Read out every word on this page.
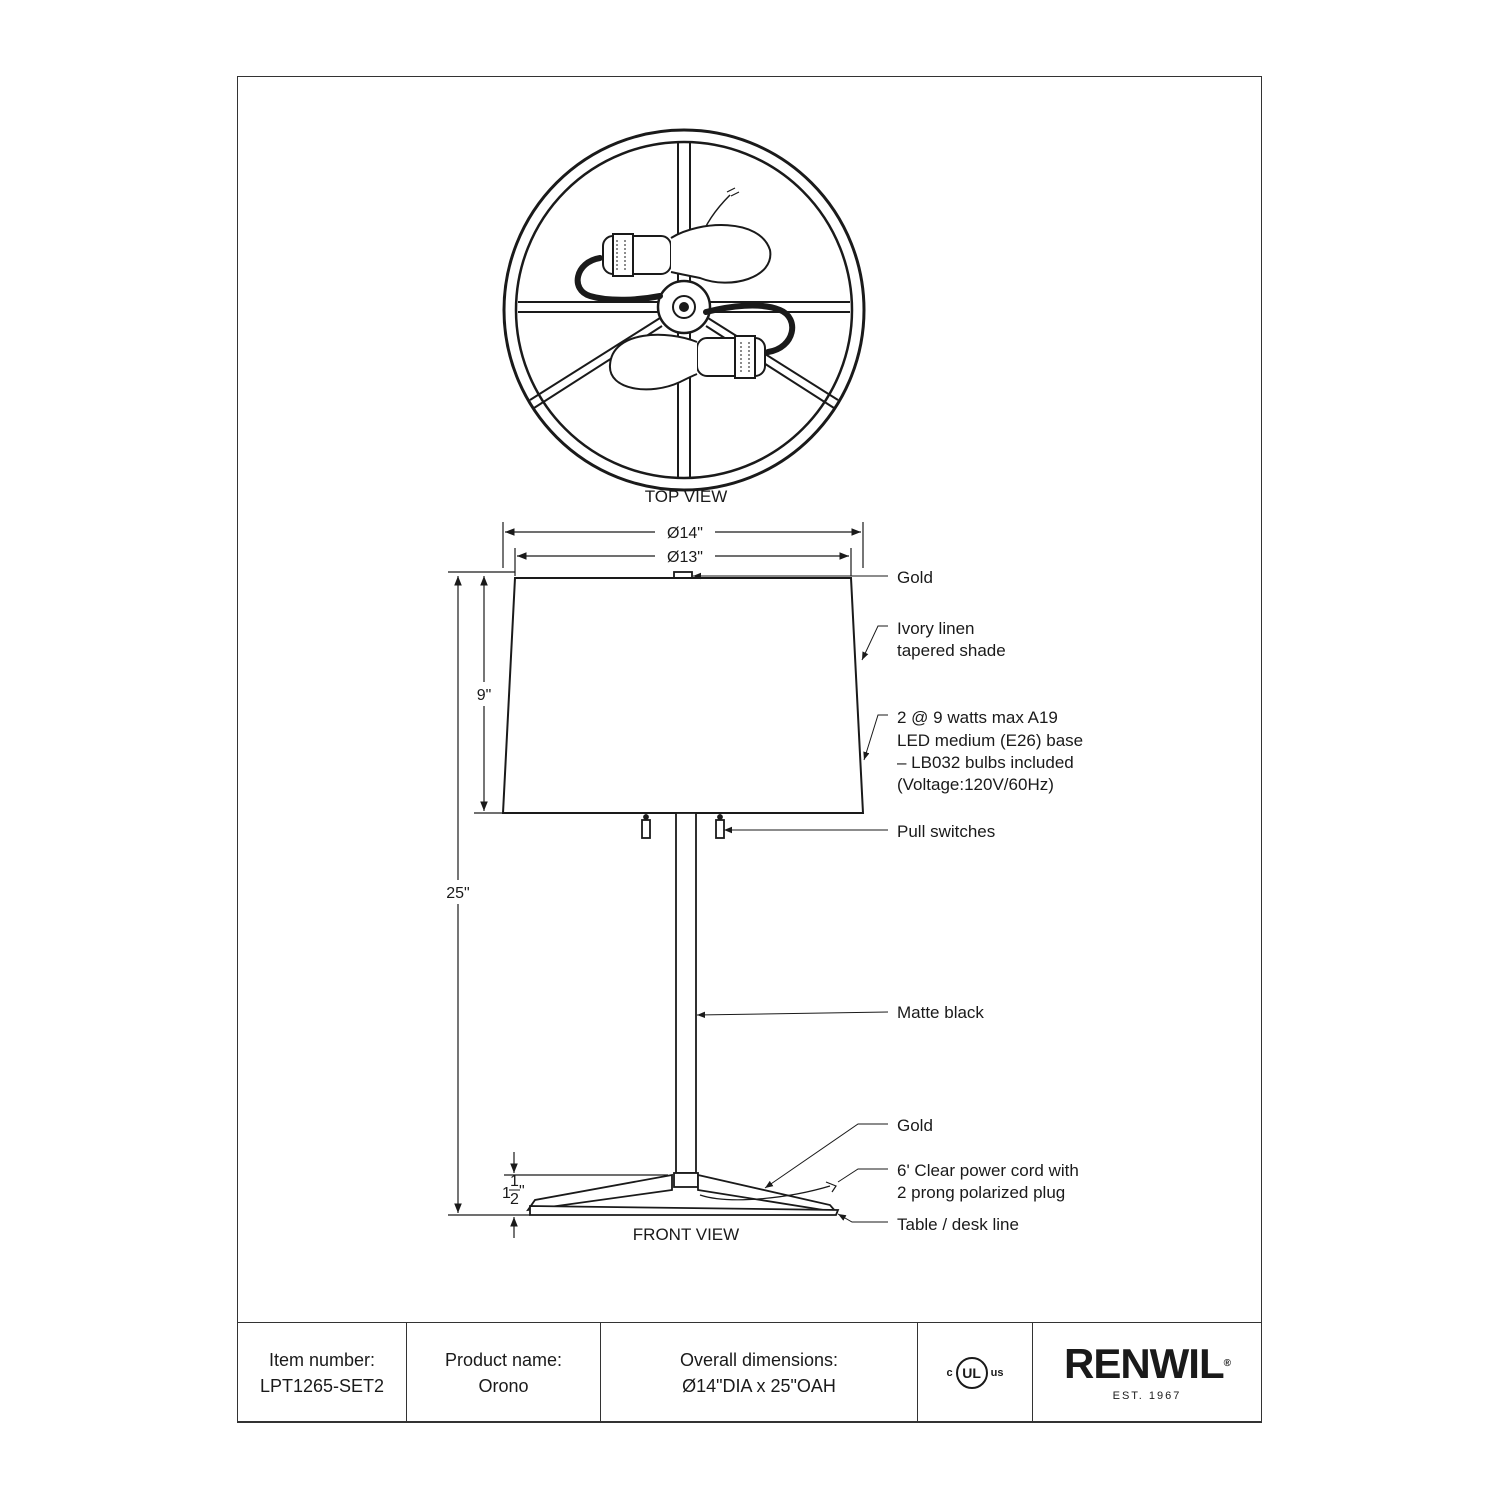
TOP VIEW
Ø14"
Ø13"
9"
25"
1
1
2 "
FRONT VIEW
Gold
Ivory linen
tapered shade
2 @ 9 watts max A19
LED medium (E26) base
– LB032 bulbs included
(Voltage:120V/60Hz)
Pull switches
Matte black
Gold
6' Clear power cord with
2 prong polarized plug
Table / desk line
Item number:
LPT1265-SET2
Product name:
Orono
Overall dimensions:
Ø14"DIA x 25"OAH
c UL us RENWIL®
EST. 1967
